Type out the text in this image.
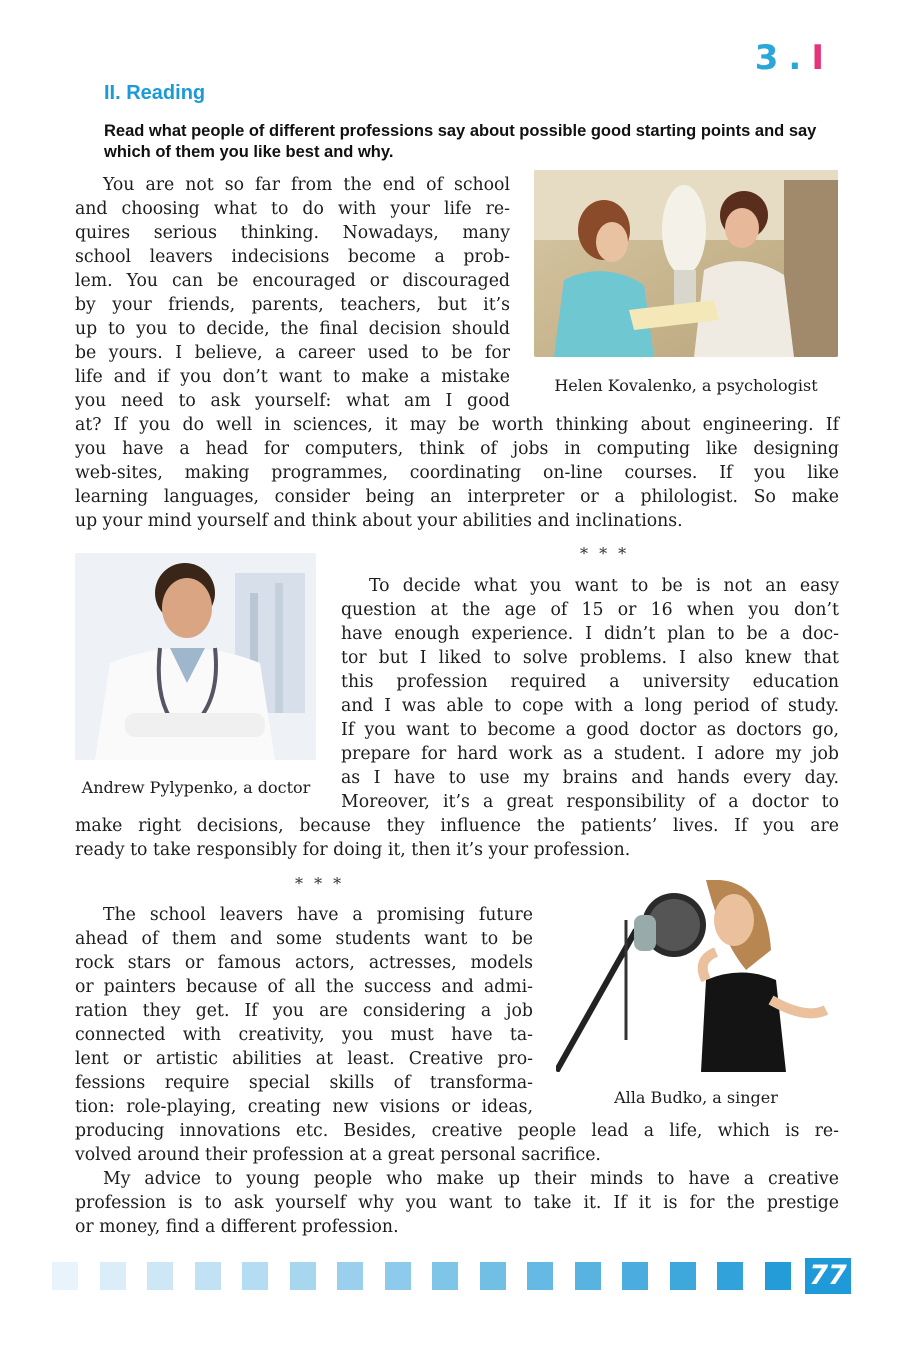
3.I
II. Reading
Read what people of different professions say about possible good starting points and say which of them you like best and why.
You are not so far from the end of school
and choosing what to do with your life re-
quires serious thinking. Nowadays, many
school leavers indecisions become a prob-
lem. You can be encouraged or discouraged
by your friends, parents, teachers, but it’s
up to you to decide, the final decision should
be yours. I believe, a career used to be for
life and if you don’t want to make a mistake
you need to ask yourself: what am I good
at? If you do well in sciences, it may be worth thinking about engineering. If
you have a head for computers, think of jobs in computing like designing
web-sites, making programmes, coordinating on-line courses. If you like
learning languages, consider being an interpreter or a philologist. So make
up your mind yourself and think about your abilities and inclinations.
Helen Kovalenko, a psychologist
* * *
Andrew Pylypenko, a doctor
To decide what you want to be is not an easy
question at the age of 15 or 16 when you don’t
have enough experience. I didn’t plan to be a doc-
tor but I liked to solve problems. I also knew that
this profession required a university education
and I was able to cope with a long period of study.
If you want to become a good doctor as doctors go,
prepare for hard work as a student. I adore my job
as I have to use my brains and hands every day.
Moreover, it’s a great responsibility of a doctor to
make right decisions, because they influence the patients’ lives. If you are
ready to take responsibly for doing it, then it’s your profession.
* * *
The school leavers have a promising future
ahead of them and some students want to be
rock stars or famous actors, actresses, models
or painters because of all the success and admi-
ration they get. If you are considering a job
connected with creativity, you must have ta-
lent or artistic abilities at least. Creative pro-
fessions require special skills of transforma-
tion: role-playing, creating new visions or ideas,
producing innovations etc. Besides, creative people lead a life, which is re-
volved around their profession at a great personal sacrifice.
My advice to young people who make up their minds to have a creative
profession is to ask yourself why you want to take it. If it is for the prestige
or money, find a different profession.
Alla Budko, a singer
77
